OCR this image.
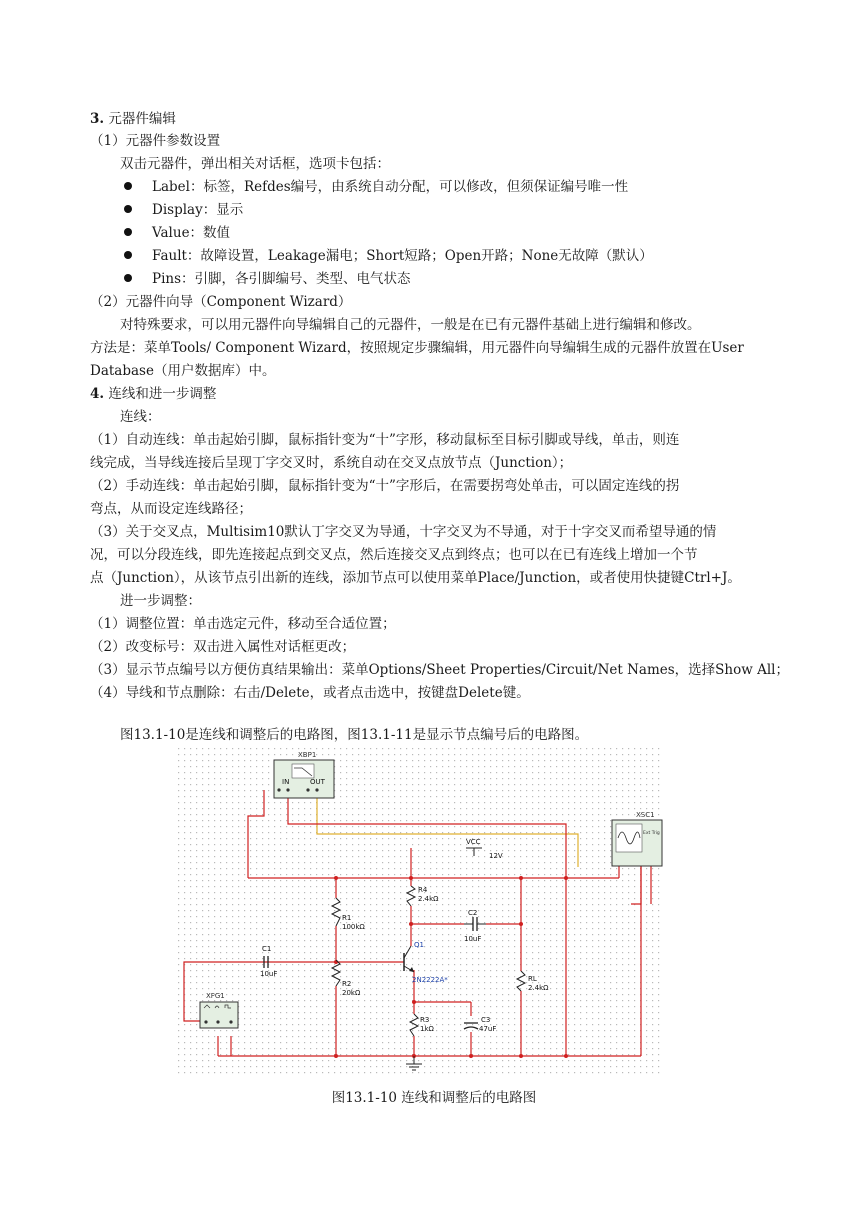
3. 元器件编辑
（1）元器件参数设置
双击元器件，弹出相关对话框，选项卡包括：
Label：标签，Refdes编号，由系统自动分配，可以修改，但须保证编号唯一性
Display：显示
Value：数值
Fault：故障设置，Leakage漏电；Short短路；Open开路；None无故障（默认）
Pins：引脚，各引脚编号、类型、电气状态
（2）元器件向导（Component Wizard）
对特殊要求，可以用元器件向导编辑自己的元器件，一般是在已有元器件基础上进行编辑和修改。
方法是：菜单Tools/ Component Wizard，按照规定步骤编辑，用元器件向导编辑生成的元器件放置在User
Database（用户数据库）中。
4. 连线和进一步调整
连线：
（1）自动连线：单击起始引脚，鼠标指针变为“十”字形，移动鼠标至目标引脚或导线，单击，则连
线完成，当导线连接后呈现丁字交叉时，系统自动在交叉点放节点（Junction）；
（2）手动连线：单击起始引脚，鼠标指针变为“十”字形后，在需要拐弯处单击，可以固定连线的拐
弯点，从而设定连线路径；
（3）关于交叉点，Multisim10默认丁字交叉为导通，十字交叉为不导通，对于十字交叉而希望导通的情
况，可以分段连线，即先连接起点到交叉点，然后连接交叉点到终点；也可以在已有连线上增加一个节
点（Junction），从该节点引出新的连线，添加节点可以使用菜单Place/Junction，或者使用快捷键Ctrl+J。
进一步调整：
（1）调整位置：单击选定元件，移动至合适位置；
（2）改变标号：双击进入属性对话框更改；
（3）显示节点编号以方便仿真结果输出：菜单Options/Sheet Properties/Circuit/Net Names，选择Show All；
（4）导线和节点删除：右击/Delete，或者点击选中，按键盘Delete键。
图13.1-10是连线和调整后的电路图，图13.1-11是显示节点编号后的电路图。
XBP1
IN	OUT
XSC1
Ext Trig
VCC
12V
R4
2.4kΩ
R1
100kΩ
C2
10uF
C1
10uF
Q1
2N2222A*
R2
20kΩ
RL
2.4kΩ
R3
1kΩ
C3
47uF
XFG1
图13.1-10 连线和调整后的电路图
